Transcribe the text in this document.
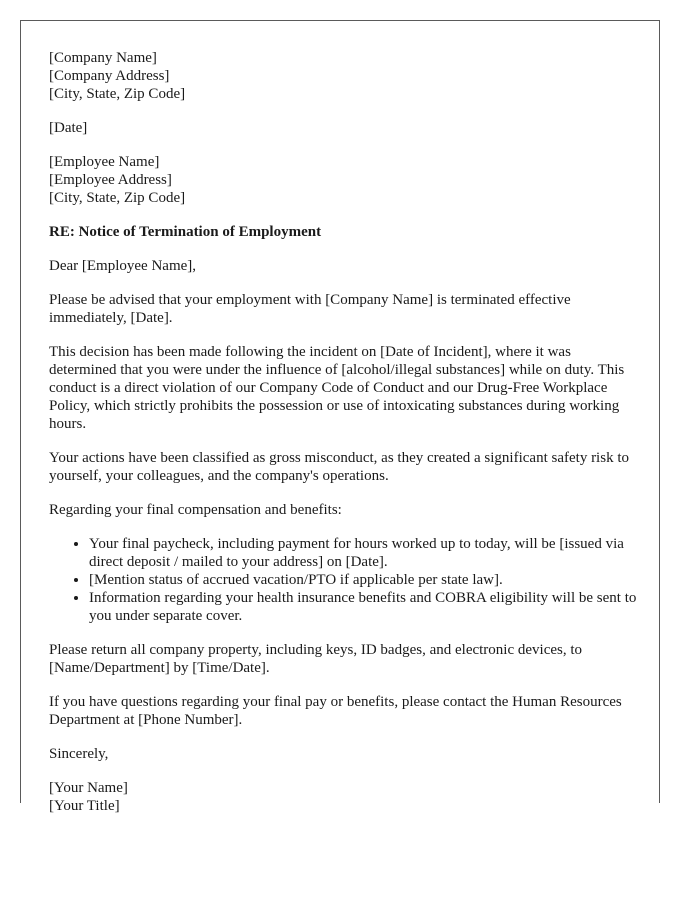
[Company Name]
[Company Address]
[City, State, Zip Code]
[Date]
[Employee Name]
[Employee Address]
[City, State, Zip Code]
RE: Notice of Termination of Employment
Dear [Employee Name],

Please be advised that your employment with [Company Name] is terminated effective immediately, [Date].

This decision has been made following the incident on [Date of Incident], where it was determined that you were under the influence of [alcohol/illegal substances] while on duty. This conduct is a direct violation of our Company Code of Conduct and our Drug-Free Workplace Policy, which strictly prohibits the possession or use of intoxicating substances during working hours.

Your actions have been classified as gross misconduct, as they created a significant safety risk to yourself, your colleagues, and the company's operations.

Regarding your final compensation and benefits:

• Your final paycheck, including payment for hours worked up to today, will be [issued via direct deposit / mailed to your address] on [Date].
• [Mention status of accrued vacation/PTO if applicable per state law].
• Information regarding your health insurance benefits and COBRA eligibility will be sent to you under separate cover.

Please return all company property, including keys, ID badges, and electronic devices, to [Name/Department] by [Time/Date].

If you have questions regarding your final pay or benefits, please contact the Human Resources Department at [Phone Number].

Sincerely,
[Your Name]
[Your Title]
